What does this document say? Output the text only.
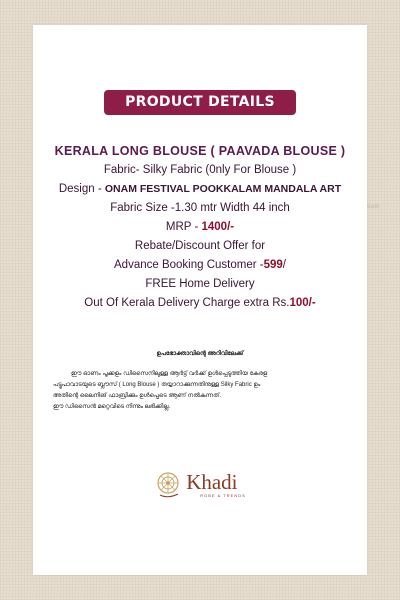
sum
PRODUCT DETAILS
KERALA LONG BLOUSE ( PAAVADA BLOUSE )
Fabric- Silky Fabric (0nly For Blouse )
Design - ONAM FESTIVAL POOKKALAM MANDALA ART
Fabric Size -1.30 mtr Width 44 inch
MRP - 1400/-
Rebate/Discount Offer for
Advance Booking Customer -599/
FREE Home Delivery
Out Of Kerala Delivery Charge extra Rs.100/-
ഉപഭോക്താവിന്റെ അറിവിലേക്ക്
ഈ ഓണം പൂക്കളം ഡിസൈനിലുള്ള ആർട്ട് വർക്ക് ഉൾപ്പെടുത്തിയ കേരള
പട്ടുപാവാടയുടെ ബ്ലൗസ് ( Long Blouse ) തയ്യാറാക്കുന്നതിനുള്ള Silky Fabric ഉം
അതിന്റെ ലൈനിങ് ഫാബ്രിക്കും ഉൾപ്പെടെ ആണ് നൽകുന്നത്.
ഈ ഡിസൈൻ മറ്റെവിടെ നിന്നും ലഭിക്കില്ല.
Khadi
ROBE & TRENDS
